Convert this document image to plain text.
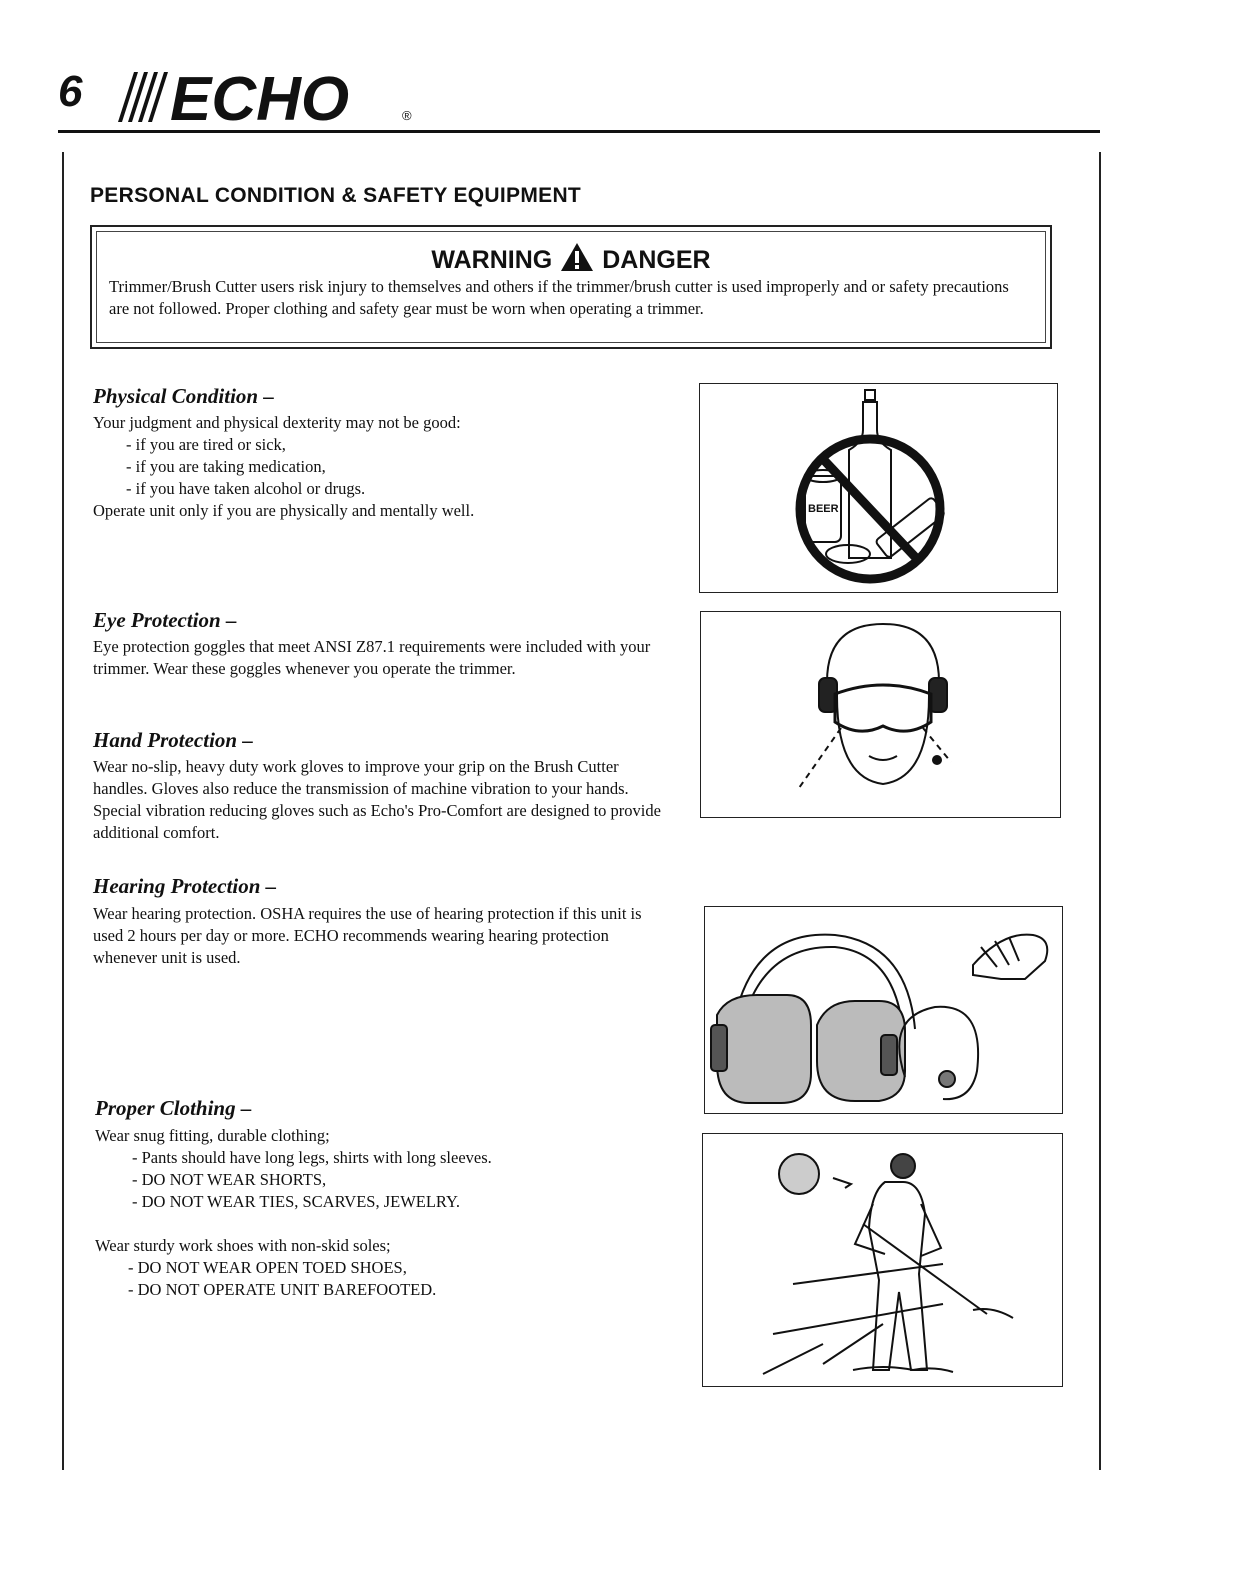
6 ECHO	®
PERSONAL CONDITION & SAFETY EQUIPMENT
WARNING DANGER
Trimmer/Brush Cutter users risk injury to themselves and others if the trimmer/brush cutter is used improperly and or safety precautions are not followed. Proper clothing and safety gear must be worn when operating a trimmer.
Physical Condition –

Your judgment and physical dexterity may not be good:

- if you are tired or sick,

- if you are taking medication,

- if you have taken alcohol or drugs.

Operate unit only if you are physically and mentally well.

Eye Protection –
Eye protection goggles that meet ANSI Z87.1 requirements were included with your trimmer. Wear these goggles whenever you operate the trimmer.
Hand Protection –
Wear no-slip, heavy duty work gloves to improve your grip on the Brush Cutter handles. Gloves also reduce the transmission of machine vibration to your hands. Special vibration reducing gloves such as Echo's Pro-Comfort are designed to provide additional comfort.
Hearing Protection –
Wear hearing protection. OSHA requires the use of hearing protection if this unit is used 2 hours per day or more. ECHO recommends wearing hearing protection whenever unit is used.
Proper Clothing –

Wear snug fitting, durable clothing;

- Pants should have long legs, shirts with long sleeves.

- DO NOT WEAR SHORTS,

- DO NOT WEAR TIES, SCARVES, JEWELRY.

Wear sturdy work shoes with non-skid soles;

- DO NOT WEAR OPEN TOED SHOES,

- DO NOT OPERATE UNIT BAREFOOTED.

BEER
